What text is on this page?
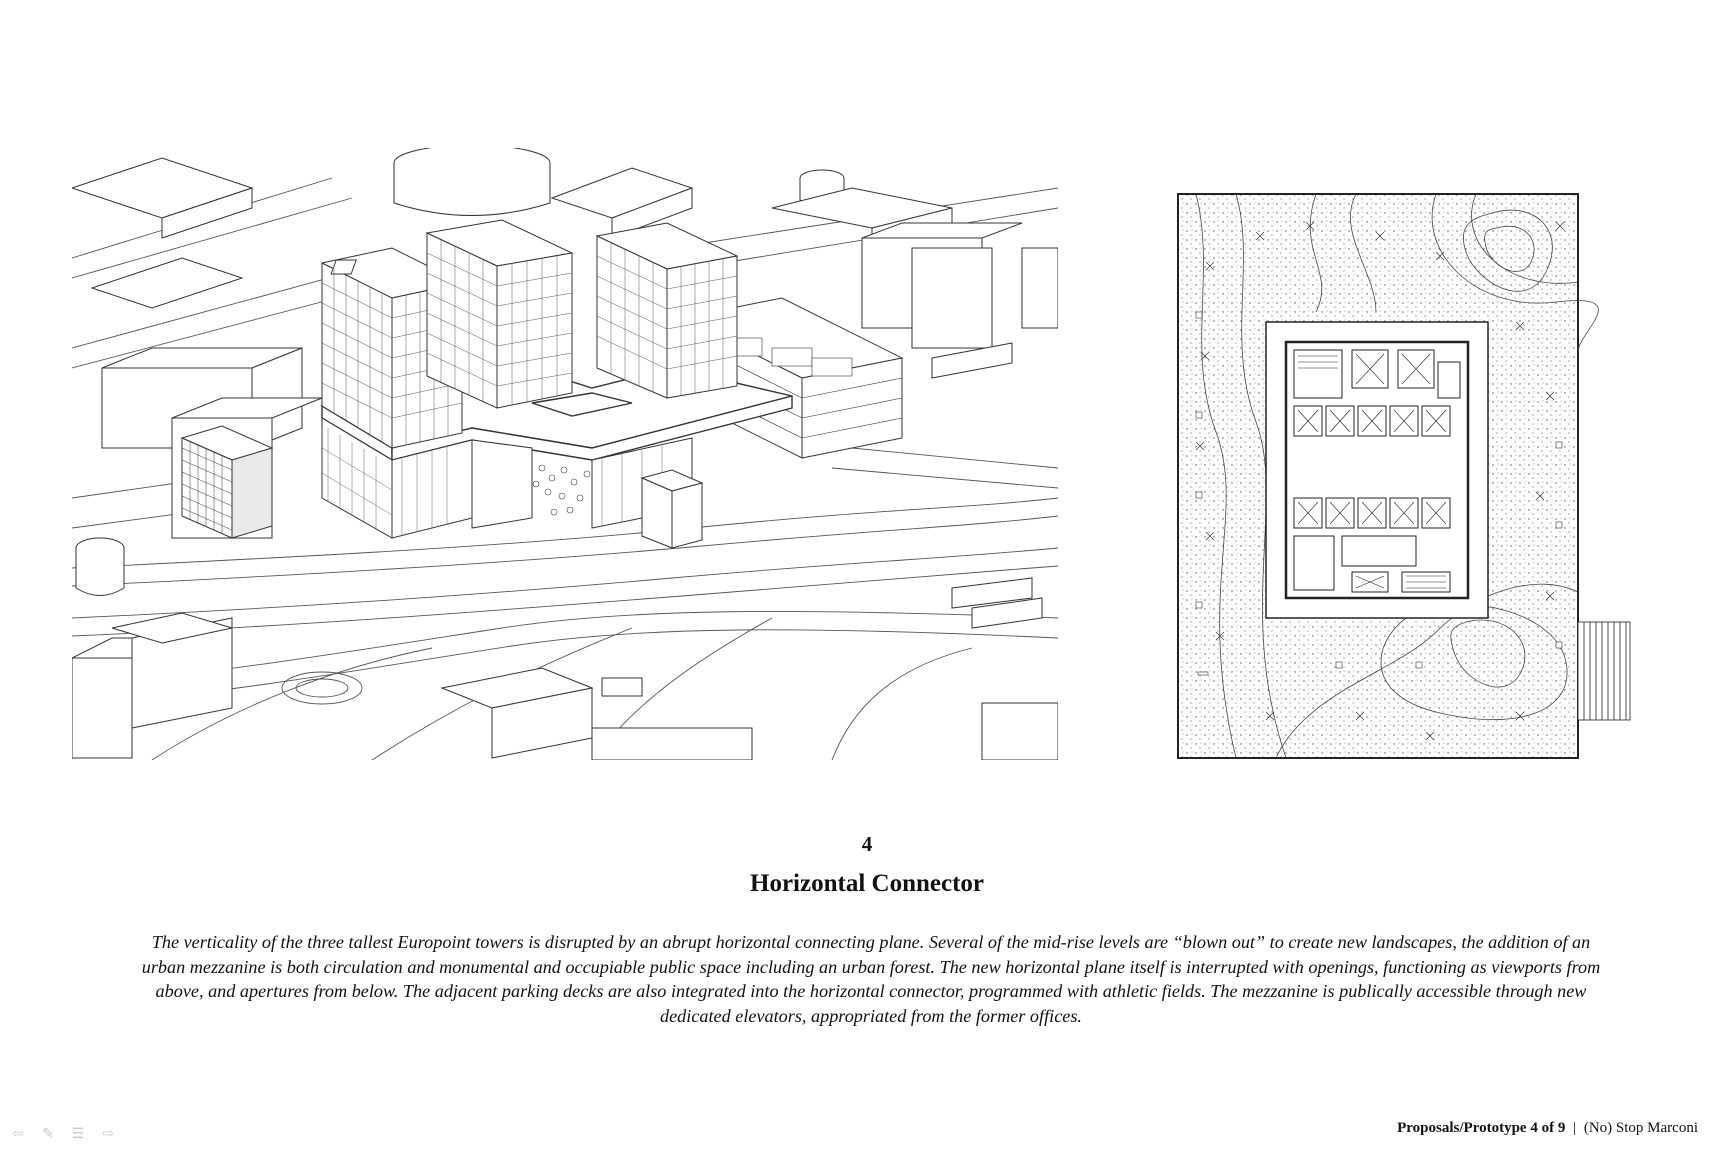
4
Horizontal Connector
The verticality of the three tallest Europoint towers is disrupted by an abrupt horizontal connecting plane. Several of the mid-rise levels are “blown out” to create new landscapes, the addition of an urban mezzanine is both circulation and monumental and occupiable public space including an urban forest. The new horizontal plane itself is interrupted with openings, functioning as viewports from above, and apertures from below. The adjacent parking decks are also integrated into the horizontal connector, programmed with athletic fields. The mezzanine is publically accessible through new dedicated elevators, appropriated from the former offices.
Proposals/Prototype 4 of 9 | (No) Stop Marconi
⇦ ✎ ☰ ⇨
